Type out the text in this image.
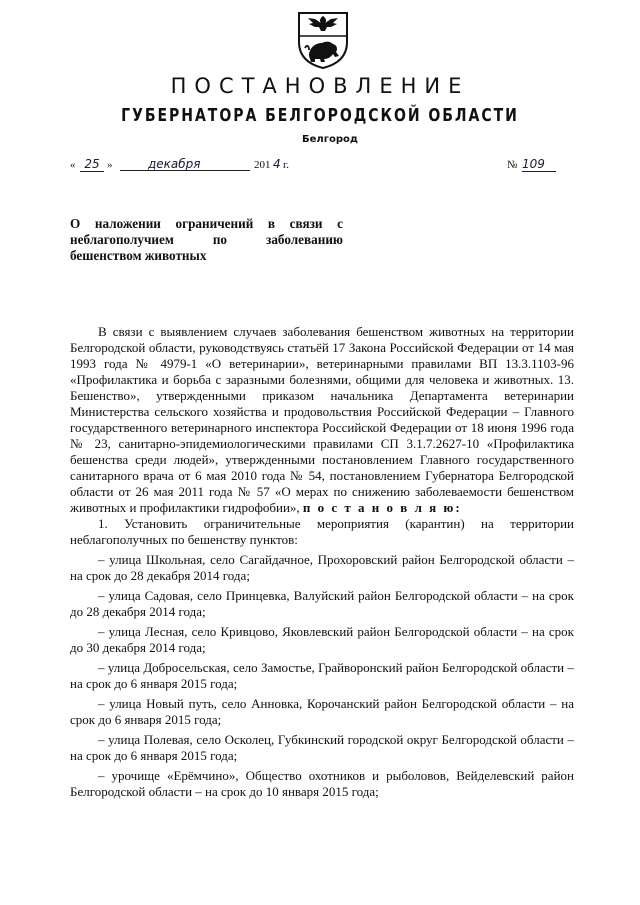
ПОСТАНОВЛЕНИЕ
ГУБЕРНАТОРА БЕЛГОРОДСКОЙ ОБЛАСТИ
Белгород
« 25 »	декабря	201 4 г.	№ 109
О наложении ограничений в связи с
неблагополучием по заболеванию
бешенством животных

В связи с выявлением случаев заболевания бешенством животных на территории Белгородской области, руководствуясь статьёй 17 Закона Российской Федерации от 14 мая 1993 года № 4979-1 «О ветеринарии», ветеринарными правилами ВП 13.3.1103-96 «Профилактика и борьба с заразными болезнями, общими для человека и животных. 13. Бешенство», утвержденными приказом начальника Департамента ветеринарии Министерства сельского хозяйства и продовольствия Российской Федерации – Главного государственного ветеринарного инспектора Российской Федерации от 18 июня 1996 года № 23, санитарно-эпидемиологическими правилами СП 3.1.7.2627-10 «Профилактика бешенства среди людей», утвержденными постановлением Главного государственного санитарного врача от 6 мая 2010 года № 54, постановлением Губернатора Белгородской области от 26 мая 2011 года № 57 «О мерах по снижению заболеваемости бешенством животных и профилактики гидрофобии», п о с т а н о в л я ю:

1. Установить ограничительные мероприятия (карантин) на территории неблагополучных по бешенству пунктов:

– улица Школьная, село Сагайдачное, Прохоровский район Белгородской области – на срок до 28 декабря 2014 года;

– улица Садовая, село Принцевка, Валуйский район Белгородской области – на срок до 28 декабря 2014 года;

– улица Лесная, село Кривцово, Яковлевский район Белгородской области – на срок до 30 декабря 2014 года;

– улица Добросельская, село Замостье, Грайворонский район Белгородской области – на срок до 6 января 2015 года;

– улица Новый путь, село Анновка, Корочанский район Белгородской области – на срок до 6 января 2015 года;

– улица Полевая, село Осколец, Губкинский городской округ Белгородской области – на срок до 6 января 2015 года;

– урочище «Ерёмчино», Общество охотников и рыболовов, Вейделевский район Белгородской области – на срок до 10 января 2015 года;
